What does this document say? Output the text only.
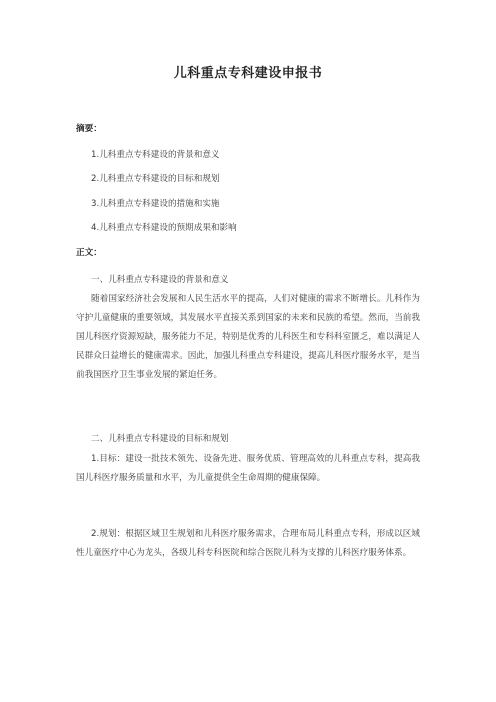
儿科重点专科建设申报书
摘要：
1.儿科重点专科建设的背景和意义
2.儿科重点专科建设的目标和规划
3.儿科重点专科建设的措施和实施
4.儿科重点专科建设的预期成果和影响
正文：
一、儿科重点专科建设的背景和意义

随着国家经济社会发展和人民生活水平的提高，人们对健康的需求不断增长。儿科作为守护儿童健康的重要领域，其发展水平直接关系到国家的未来和民族的希望。然而，当前我国儿科医疗资源短缺，服务能力不足，特别是优秀的儿科医生和专科科室匮乏，难以满足人民群众日益增长的健康需求。因此，加强儿科重点专科建设，提高儿科医疗服务水平，是当前我国医疗卫生事业发展的紧迫任务。

二、儿科重点专科建设的目标和规划

1.目标：建设一批技术领先、设备先进、服务优质、管理高效的儿科重点专科，提高我国儿科医疗服务质量和水平，为儿童提供全生命周期的健康保障。

2.规划：根据区域卫生规划和儿科医疗服务需求，合理布局儿科重点专科，形成以区域性儿童医疗中心为龙头，各级儿科专科医院和综合医院儿科为支撑的儿科医疗服务体系。
